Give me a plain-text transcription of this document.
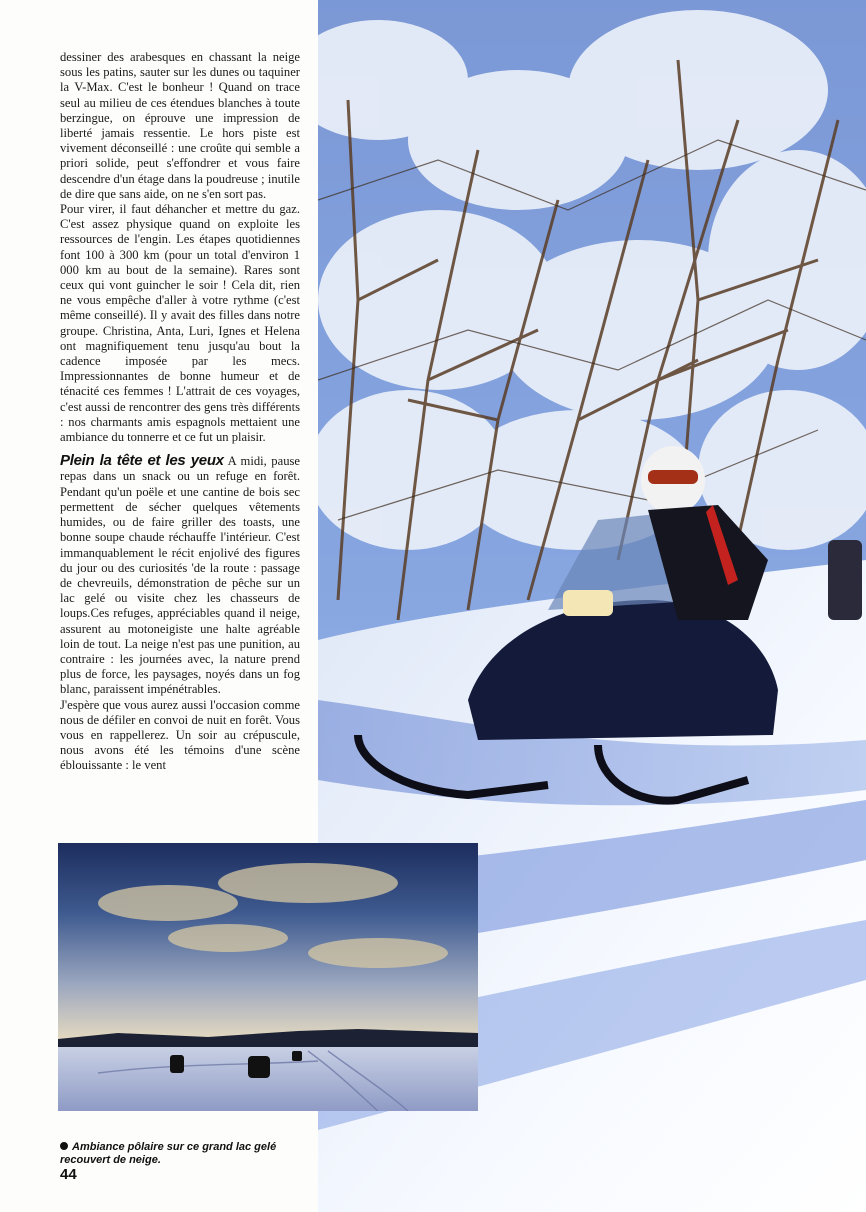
dessiner des arabesques en chassant la neige sous les patins, sauter sur les dunes ou taquiner la V-Max. C'est le bonheur ! Quand on trace seul au milieu de ces étendues blanches à toute berzingue, on éprouve une impression de liberté jamais ressentie. Le hors piste est vivement déconseillé : une croûte qui semble a priori solide, peut s'effondrer et vous faire descendre d'un étage dans la poudreuse ; inutile de dire que sans aide, on ne s'en sort pas.

Pour virer, il faut déhancher et mettre du gaz. C'est assez physique quand on exploite les ressources de l'engin. Les étapes quotidiennes font 100 à 300 km (pour un total d'environ 1 000 km au bout de la semaine). Rares sont ceux qui vont guincher le soir ! Cela dit, rien ne vous empêche d'aller à votre rythme (c'est même conseillé). Il y avait des filles dans notre groupe. Christina, Anta, Luri, Ignes et Helena ont magnifiquement tenu jusqu'au bout la cadence imposée par les mecs. Impressionnantes de bonne humeur et de ténacité ces femmes ! L'attrait de ces voyages, c'est aussi de rencontrer des gens très différents : nos charmants amis espagnols mettaient une ambiance du tonnerre et ce fut un plaisir.

Plein la tête et les yeux A midi, pause repas dans un snack ou un refuge en forêt. Pendant qu'un poële et une cantine de bois sec permettent de sécher quelques vêtements humides, ou de faire griller des toasts, une bonne soupe chaude réchauffe l'intérieur. C'est immanquablement le récit enjolivé des figures du jour ou des curiosités 'de la route : passage de chevreuils, démonstration de pêche sur un lac gelé ou visite chez les chasseurs de loups.Ces refuges, appréciables quand il neige, assurent au motoneigiste une halte agréable loin de tout. La neige n'est pas une punition, au contraire : les journées avec, la nature prend plus de force, les paysages, noyés dans un fog blanc, paraissent impénétrables.

J'espère que vous aurez aussi l'occasion comme nous de défiler en convoi de nuit en forêt. Vous vous en rappellerez. Un soir au crépuscule, nous avons été les témoins d'une scène éblouissante : le vent

Ambiance pôlaire sur ce grand lac gelé recouvert de neige.
44
